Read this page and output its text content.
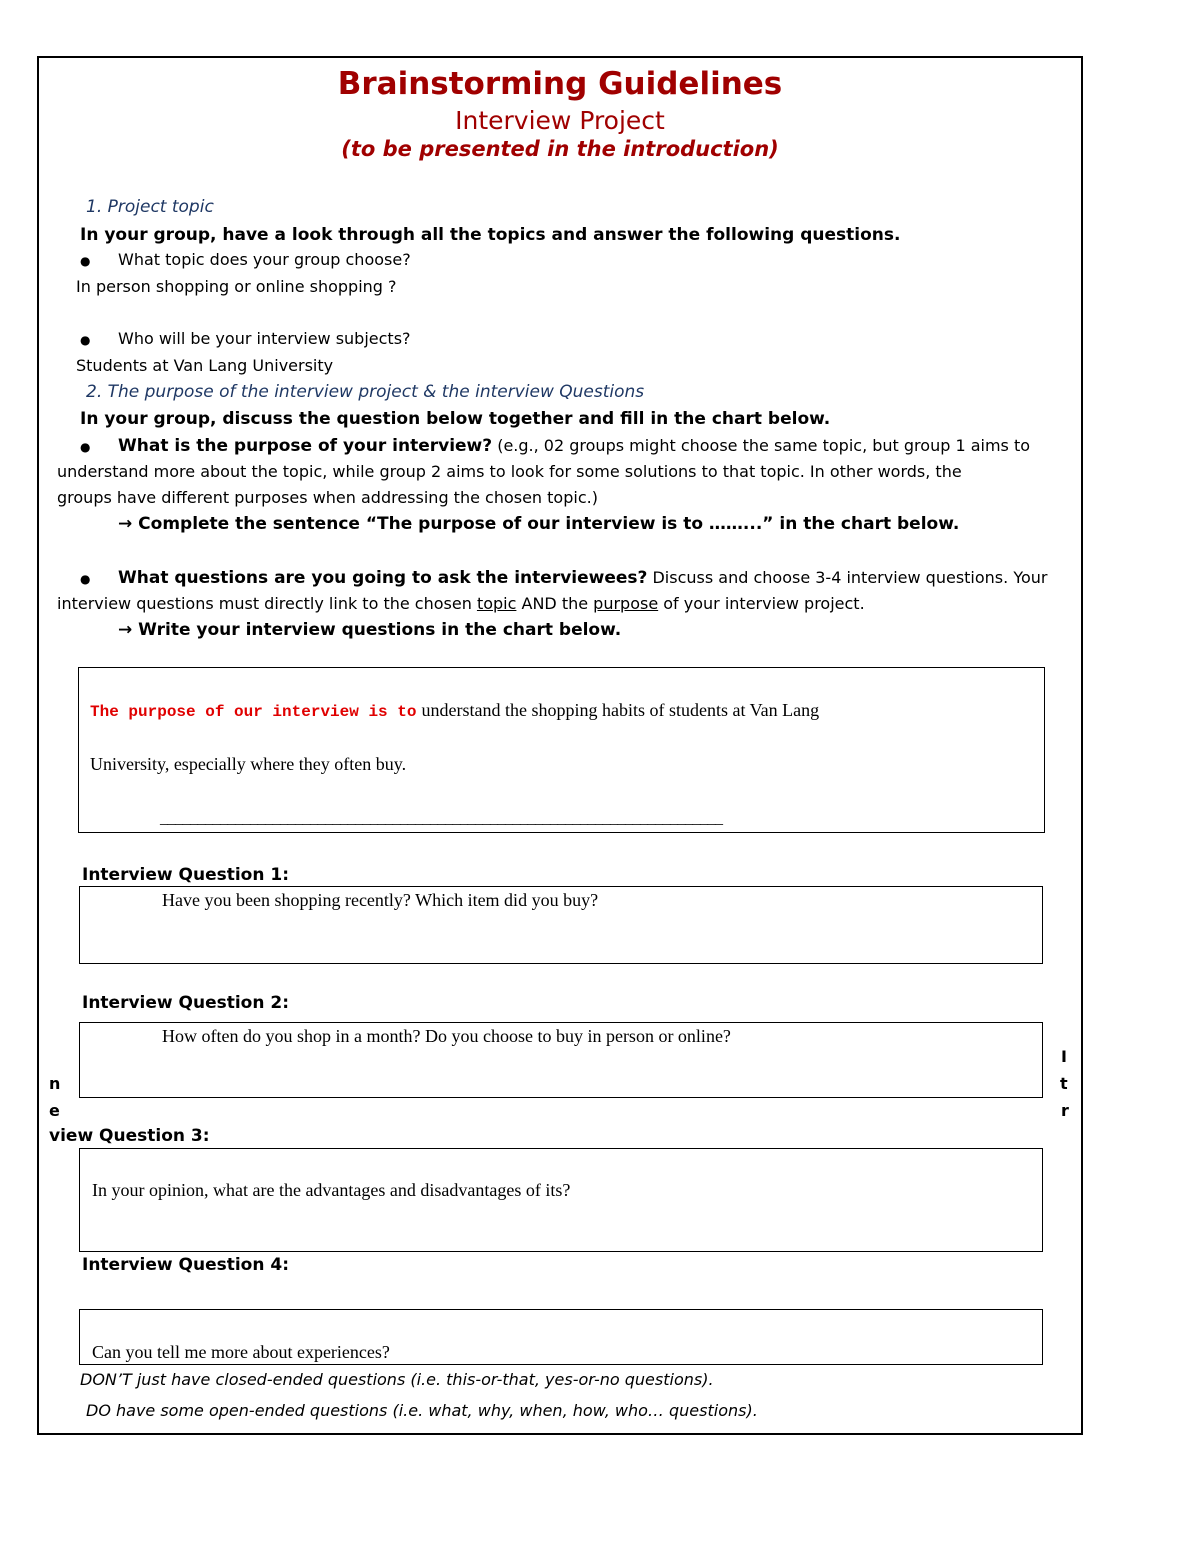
Brainstorming Guidelines
Interview Project
(to be presented in the introduction)
1. Project topic
In your group, have a look through all the topics and answer the following questions.
● What topic does your group choose?
In person shopping or online shopping ?
● Who will be your interview subjects?
Students at Van Lang University
2. The purpose of the interview project & the interview Questions
In your group, discuss the question below together and fill in the chart below.
● What is the purpose of your interview? (e.g., 02 groups might choose the same topic, but group 1 aims to
understand more about the topic, while group 2 aims to look for some solutions to that topic. In other words, the
groups have different purposes when addressing the chosen topic.)
→ Complete the sentence “The purpose of our interview is to ……...” in the chart below.
● What questions are you going to ask the interviewees? Discuss and choose 3-4 interview questions. Your
interview questions must directly link to the chosen topic AND the purpose of your interview project.
→ Write your interview questions in the chart below.
The purpose of our interview is to understand the shopping habits of students at Van Lang
University, especially where they often buy.
___________________________________________________________________________
Interview Question 1:
Have you been shopping recently? Which item did you buy?
Interview Question 2:
How often do you shop in a month? Do you choose to buy in person or online?
n
e
I
t
r
view Question 3:
In your opinion, what are the advantages and disadvantages of its?
Interview Question 4:
Can you tell me more about experiences?
DON’T just have closed-ended questions (i.e. this-or-that, yes-or-no questions).
DO have some open-ended questions (i.e. what, why, when, how, who… questions).
